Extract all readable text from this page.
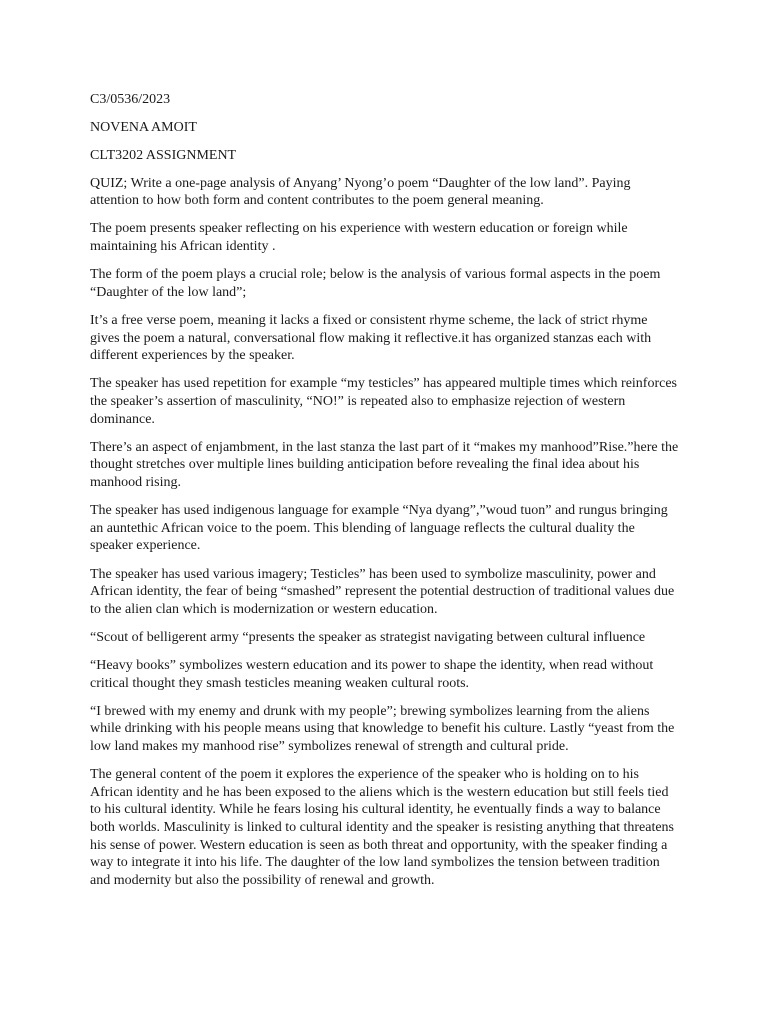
C3/0536/2023

NOVENA AMOIT

CLT3202 ASSIGNMENT

QUIZ; Write a one-page analysis of Anyang’ Nyong’o poem “Daughter of the low land”. Paying attention to how both form and content contributes to the poem general meaning.

The poem presents speaker reflecting on his experience with western education or foreign while maintaining his African identity .

The form of the poem plays a crucial role; below is the analysis of various formal aspects in the poem “Daughter of the low land”;

It’s a free verse poem, meaning it lacks a fixed or consistent rhyme scheme, the lack of strict rhyme gives the poem a natural, conversational flow making it reflective.it has organized stanzas each with different experiences by the speaker.

The speaker has used repetition for example “my testicles” has appeared multiple times which reinforces the speaker’s assertion of masculinity, “NO!” is repeated also to emphasize rejection of western dominance.

There’s an aspect of enjambment, in the last stanza the last part of it “makes my manhood”Rise.”here the thought stretches over multiple lines building anticipation before revealing the final idea about his manhood rising.

The speaker has used indigenous language for example “Nya dyang”,”woud tuon” and rungus bringing an auntethic African voice to the poem. This blending of language reflects the cultural duality the speaker experience.

The speaker has used various imagery; Testicles” has been used to symbolize masculinity, power and African identity, the fear of being “smashed” represent the potential destruction of traditional values due to the alien clan which is modernization or western education.

“Scout of belligerent army “presents the speaker as strategist navigating between cultural influence

“Heavy books” symbolizes western education and its power to shape the identity, when read without critical thought they smash testicles meaning weaken cultural roots.

“I brewed with my enemy and drunk with my people”; brewing symbolizes learning from the aliens while drinking with his people means using that knowledge to benefit his culture. Lastly “yeast from the low land makes my manhood rise” symbolizes renewal of strength and cultural pride.

The general content of the poem it explores the experience of the speaker who is holding on to his African identity and he has been exposed to the aliens which is the western education but still feels tied to his cultural identity. While he fears losing his cultural identity, he eventually finds a way to balance both worlds. Masculinity is linked to cultural identity and the speaker is resisting anything that threatens his sense of power. Western education is seen as both threat and opportunity, with the speaker finding a way to integrate it into his life. The daughter of the low land symbolizes the tension between tradition and modernity but also the possibility of renewal and growth.
